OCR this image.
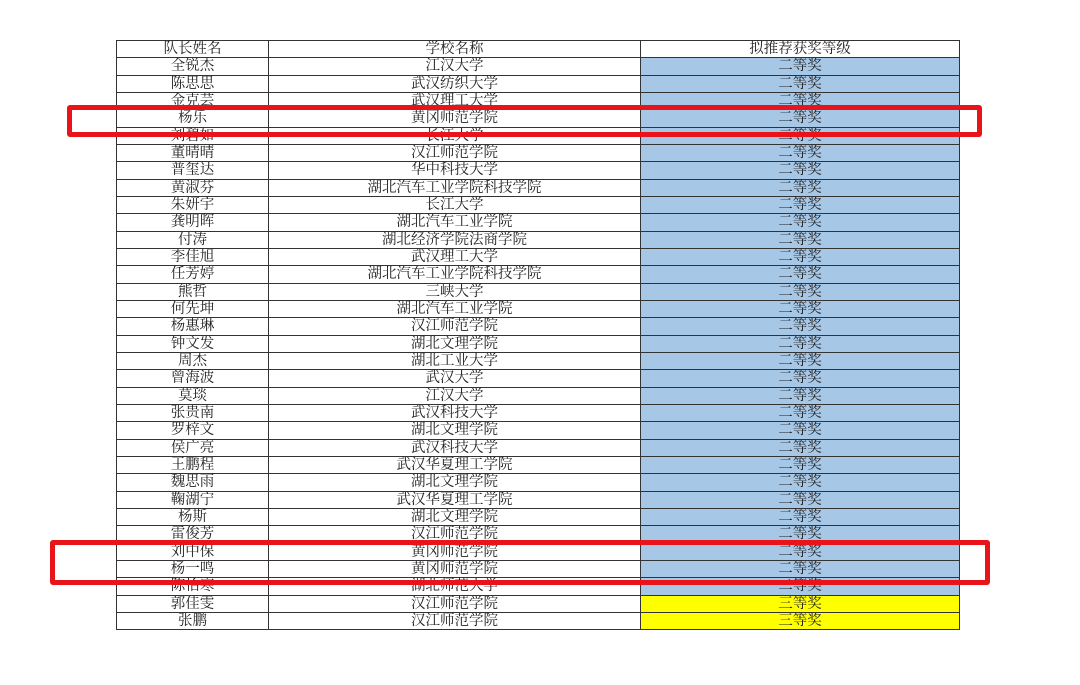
队长姓名	学校名称	拟推荐获奖等级
全锐杰	江汉大学	二等奖
陈思思	武汉纺织大学	二等奖
金克芸	武汉理工大学	二等奖
杨乐	黄冈师范学院	二等奖
刘碧如	长江大学	二等奖
董晴晴	汉江师范学院	二等奖
普玺达	华中科技大学	二等奖
黄淑芬	湖北汽车工业学院科技学院	二等奖
朱妍宇	长江大学	二等奖
龚明晖	湖北汽车工业学院	二等奖
付涛	湖北经济学院法商学院	二等奖
李佳旭	武汉理工大学	二等奖
任芳婷	湖北汽车工业学院科技学院	二等奖
熊哲	三峡大学	二等奖
何先坤	湖北汽车工业学院	二等奖
杨惠琳	汉江师范学院	二等奖
钟文发	湖北文理学院	二等奖
周杰	湖北工业大学	二等奖
曾海波	武汉大学	二等奖
莫琰	江汉大学	二等奖
张贵南	武汉科技大学	二等奖
罗梓文	湖北文理学院	二等奖
侯广亮	武汉科技大学	二等奖
王鹏程	武汉华夏理工学院	二等奖
魏思雨	湖北文理学院	二等奖
鞠湖宁	武汉华夏理工学院	二等奖
杨斯	湖北文理学院	二等奖
雷俊芳	汉江师范学院	二等奖
刘中保	黄冈师范学院	二等奖
杨一鸣	黄冈师范学院	二等奖
陈怡寒	湖北师范大学	二等奖
郭佳雯	汉江师范学院	三等奖
张鹏	汉江师范学院	三等奖
